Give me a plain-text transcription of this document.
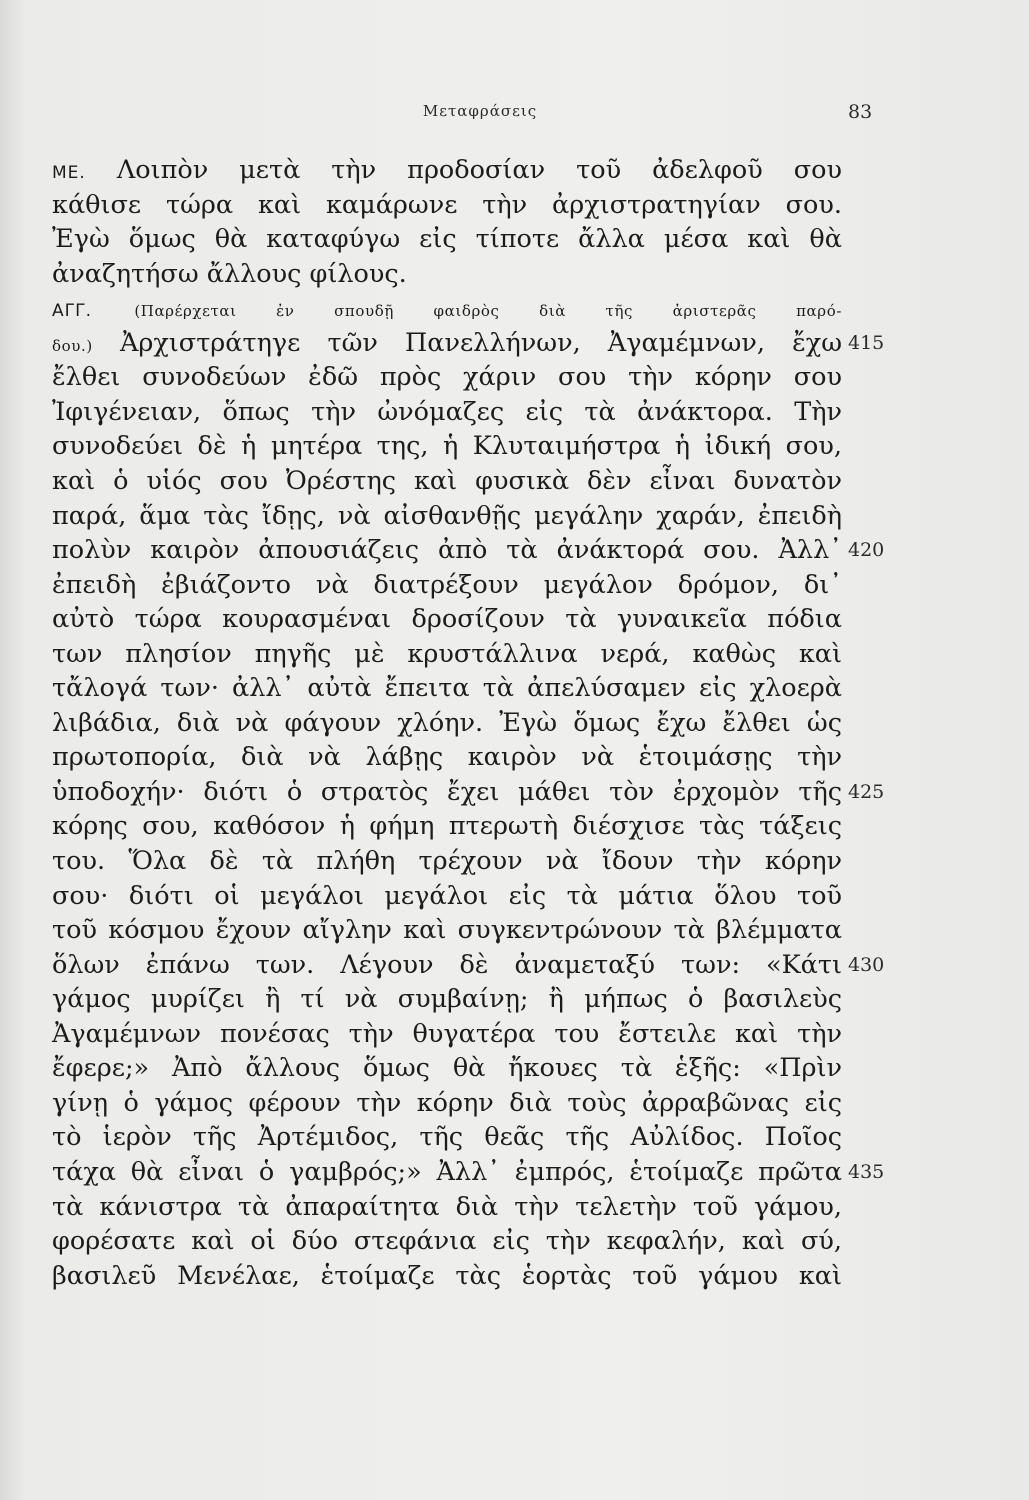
Μεταφράσεις	83
ΜΕ. Λοιπὸν μετὰ τὴν προδοσίαν τοῦ ἀδελφοῦ σου
κάθισε τώρα καὶ καμάρωνε τὴν ἀρχιστρατηγίαν σου.
Ἐγὼ ὅμως θὰ καταφύγω εἰς τίποτε ἄλλα μέσα καὶ θὰ
ἀναζητήσω ἄλλους φίλους.
ΑΓΓ.	(Παρέρχεται ἐν σπουδῇ φαιδρὸς διὰ τῆς ἀριστερᾶς παρό-
δου.) Ἀρχιστράτηγε τῶν Πανελλήνων, Ἀγαμέμνων, ἔχω 415
ἔλθει συνοδεύων ἐδῶ πρὸς χάριν σου τὴν κόρην σου
Ἰφιγένειαν, ὅπως τὴν ὠνόμαζες εἰς τὰ ἀνάκτορα. Τὴν
συνοδεύει δὲ ἡ μητέρα της, ἡ Κλυταιμήστρα ἡ ἰδική σου,
καὶ ὁ υἱός σου Ὀρέστης καὶ φυσικὰ δὲν εἶναι δυνατὸν
παρά, ἅμα τὰς ἴδῃς, νὰ αἰσθανθῇς μεγάλην χαράν, ἐπειδὴ
πολὺν καιρὸν ἀπουσιάζεις ἀπὸ τὰ ἀνάκτορά σου. Ἀλλ᾽ 420
ἐπειδὴ ἐβιάζοντο νὰ διατρέξουν μεγάλον δρόμον, δι᾽
αὐτὸ τώρα κουρασμέναι δροσίζουν τὰ γυναικεῖα πόδια
των πλησίον πηγῆς μὲ κρυστάλλινα νερά, καθὼς καὶ
τἄλογά των· ἀλλ᾽ αὐτὰ ἔπειτα τὰ ἀπελύσαμεν εἰς χλοερὰ
λιβάδια, διὰ νὰ φάγουν χλόην. Ἐγὼ ὅμως ἔχω ἔλθει ὡς
πρωτοπορία, διὰ νὰ λάβῃς καιρὸν νὰ ἑτοιμάσῃς τὴν
ὑποδοχήν· διότι ὁ στρατὸς ἔχει μάθει τὸν ἐρχομὸν τῆς 425
κόρης σου, καθόσον ἡ φήμη πτερωτὴ διέσχισε τὰς τάξεις
του. Ὅλα δὲ τὰ πλήθη τρέχουν νὰ ἴδουν τὴν κόρην
σου· διότι οἱ μεγάλοι μεγάλοι εἰς τὰ μάτια ὅλου τοῦ
τοῦ κόσμου ἔχουν αἴγλην καὶ συγκεντρώνουν τὰ βλέμματα
ὅλων ἐπάνω των. Λέγουν δὲ ἀναμεταξύ των: «Κάτι 430
γάμος μυρίζει ἢ τί νὰ συμβαίνῃ; ἢ μήπως ὁ βασιλεὺς
Ἀγαμέμνων πονέσας τὴν θυγατέρα του ἔστειλε καὶ τὴν
ἔφερε;» Ἀπὸ ἄλλους ὅμως θὰ ἤκουες τὰ ἑξῆς: «Πρὶν
γίνῃ ὁ γάμος φέρουν τὴν κόρην διὰ τοὺς ἀρραβῶνας εἰς
τὸ ἱερὸν τῆς Ἀρτέμιδος, τῆς θεᾶς τῆς Αὐλίδος. Ποῖος
τάχα θὰ εἶναι ὁ γαμβρός;» Ἀλλ᾽ ἐμπρός, ἑτοίμαζε πρῶτα 435
τὰ κάνιστρα τὰ ἀπαραίτητα διὰ τὴν τελετὴν τοῦ γάμου,
φορέσατε καὶ οἱ δύο στεφάνια εἰς τὴν κεφαλήν, καὶ σύ,
βασιλεῦ Μενέλαε, ἑτοίμαζε τὰς ἑορτὰς τοῦ γάμου καὶ
